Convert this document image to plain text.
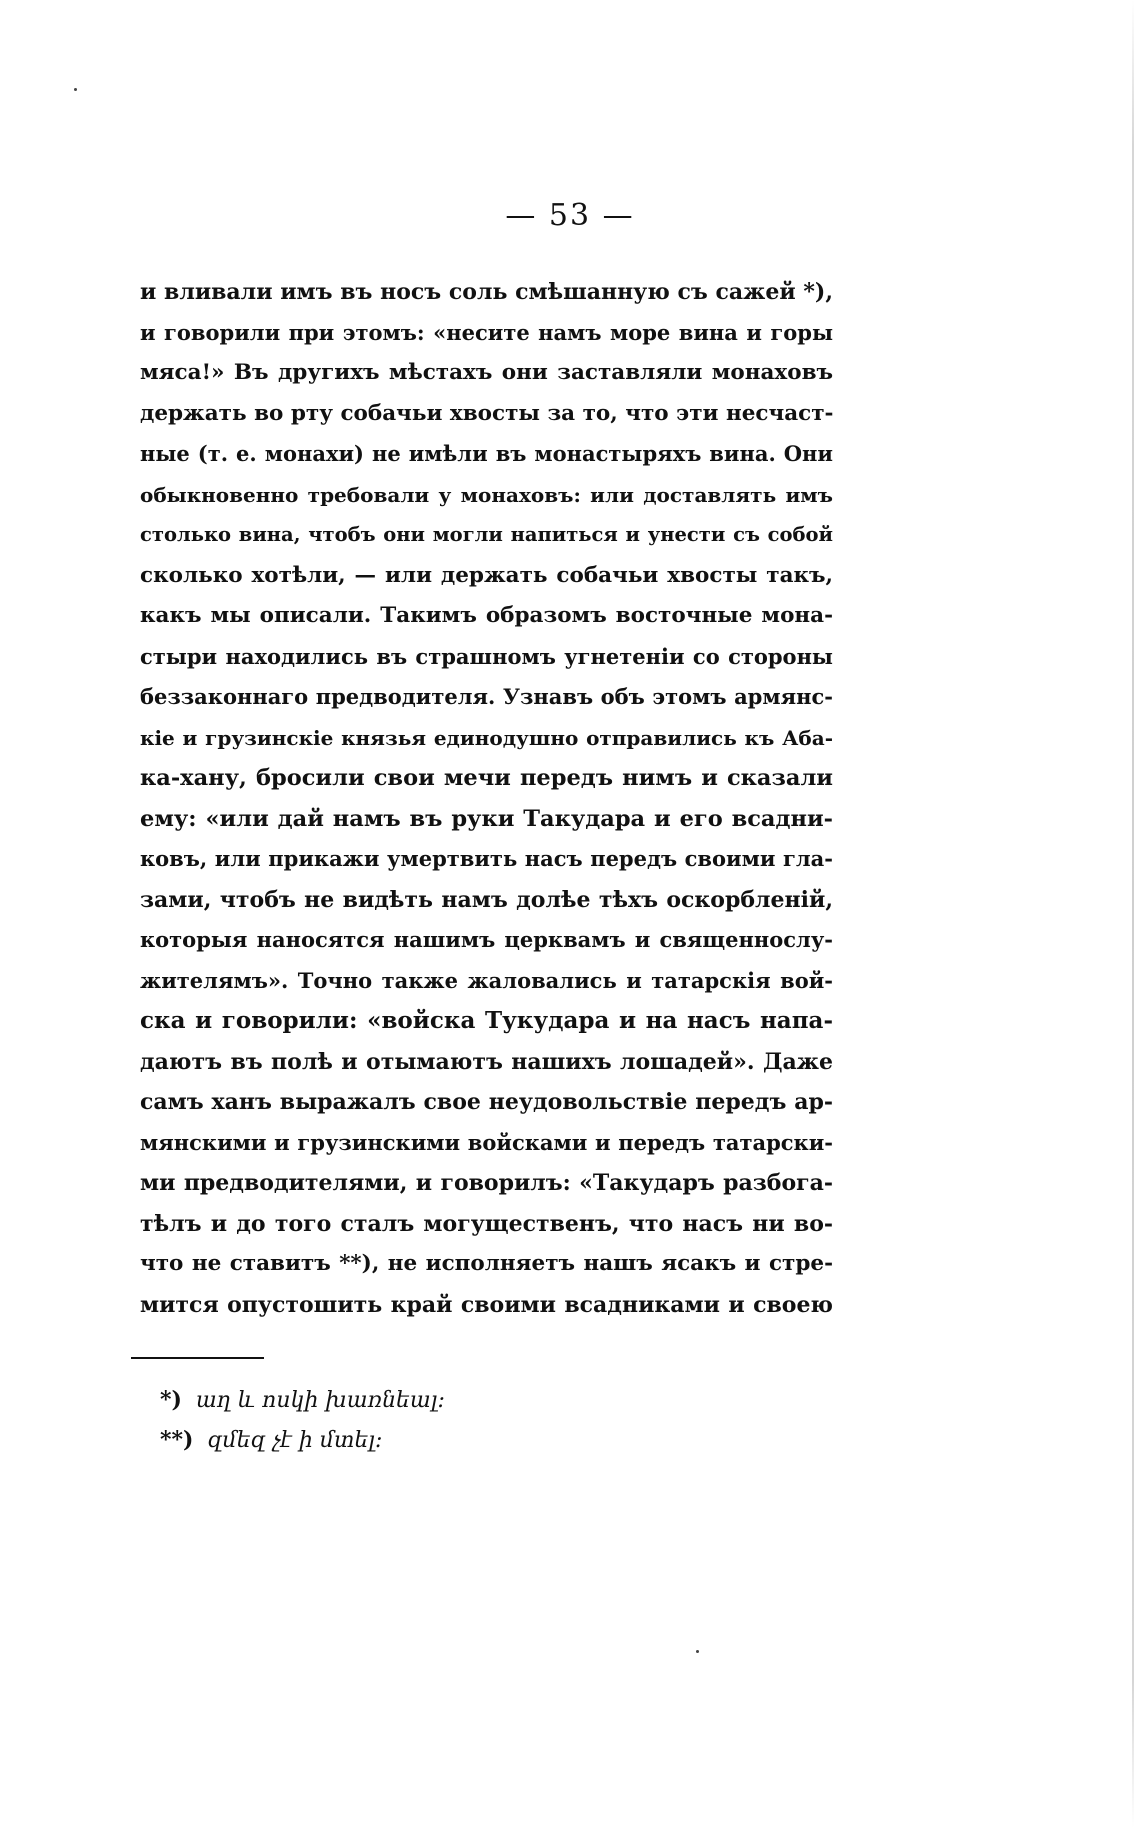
— 53 —
и вливали имъ въ носъ соль смѣшанную съ сажей *),
и говорили при этомъ: «несите намъ море вина и горы
мяса!» Въ другихъ мѣстахъ они заставляли монаховъ
держать во рту собачьи хвосты за то, что эти несчаст-
ные (т. е. монахи) не имѣли въ монастыряхъ вина. Они
обыкновенно требовали у монаховъ: или доставлять имъ
столько вина, чтобъ они могли напиться и унести съ собой
сколько хотѣли, — или держать собачьи хвосты такъ,
какъ мы описали. Такимъ образомъ восточные мона-
стыри находились въ страшномъ угнетеніи со стороны
беззаконнаго предводителя. Узнавъ объ этомъ армянс-
кіе и грузинскіе князья единодушно отправились къ Аба-
ка-хану, бросили свои мечи передъ нимъ и сказали
ему: «или дай намъ въ руки Такудара и его всадни-
ковъ, или прикажи умертвить насъ передъ своими гла-
зами, чтобъ не видѣть намъ долѣе тѣхъ оскорбленій,
которыя наносятся нашимъ церквамъ и священнослу-
жителямъ». Точно также жаловались и татарскія вой-
ска и говорили: «войска Тукудара и на насъ напа-
даютъ въ полѣ и отымаютъ нашихъ лошадей». Даже
самъ ханъ выражалъ свое неудовольствіе передъ ар-
мянскими и грузинскими войсками и передъ татарски-
ми предводителями, и говорилъ: «Такударъ разбога-
тѣлъ и до того сталъ могущественъ, что насъ ни во-
что не ставитъ **), не исполняетъ нашъ ясакъ и стре-
мится опустошить край своими всадниками и своею
*) աղ և ոսկի խառնեալ։
**) զմեզ չէ ի մտել։
